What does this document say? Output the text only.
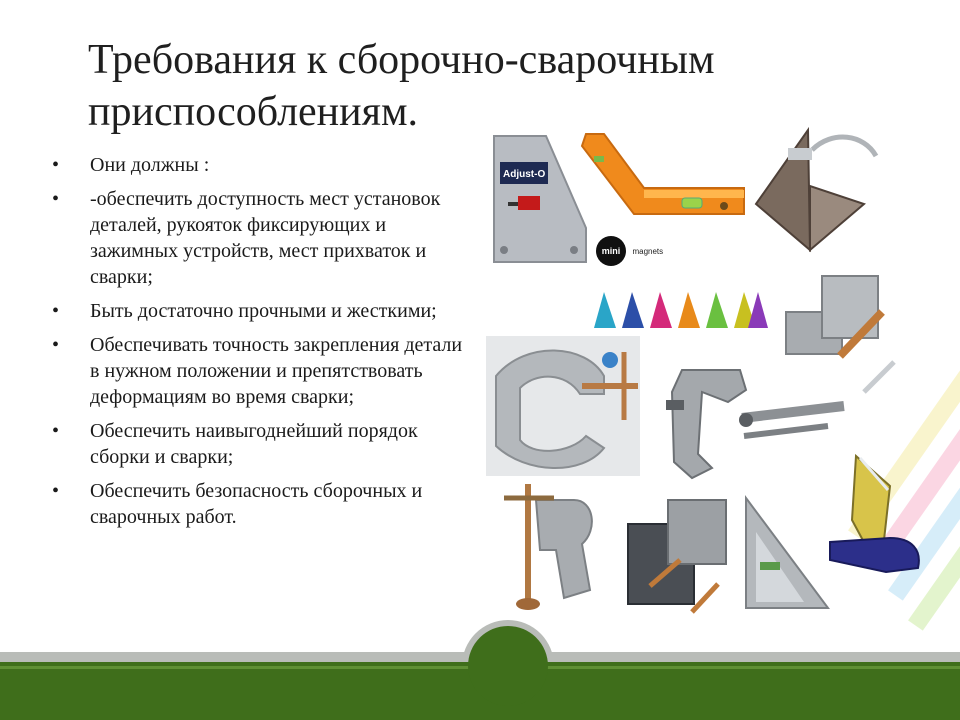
Требования к сборочно-сварочным приспособлениям.
• Они должны :
• -обеспечить доступность мест установок деталей, рукояток фиксирующих и зажимных устройств, мест прихваток и сварки;
• Быть достаточно прочными и жесткими;
• Обеспечивать точность закрепления детали в нужном положении и препятствовать деформациям во время сварки;
• Обеспечить наивыгоднейший порядок сборки и сварки;
• Обеспечить безопасность сборочных и сварочных работ.
Adjust-O
mini magnets
